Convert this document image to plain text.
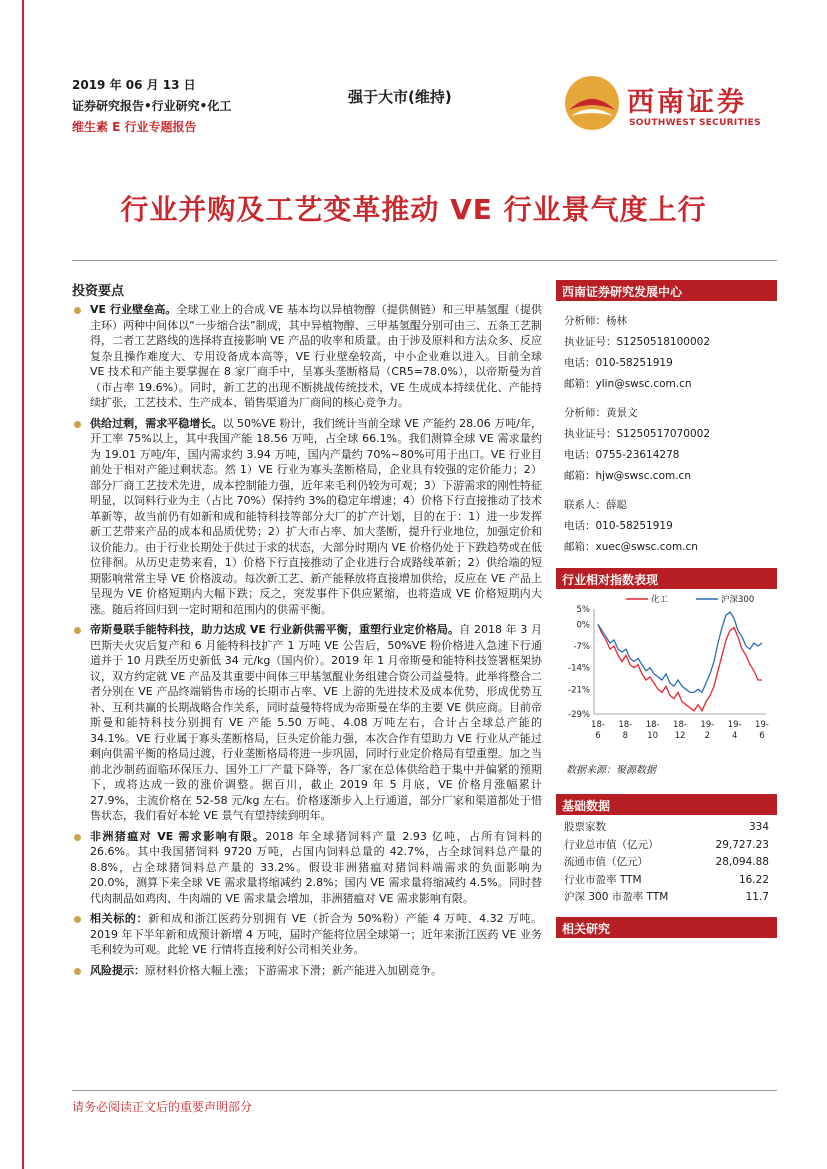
2019 年 06 月 13 日
证券研究报告•行业研究•化工
维生素 E 行业专题报告
强于大市(维持)	西南证券
SOUTHWEST SECURITIES
行业并购及工艺变革推动 VE 行业景气度上行
投资要点
VE 行业壁垒高。全球工业上的合成 VE 基本均以异植物醇（提供侧链）和三甲基氢醌（提供主环）两种中间体以“一步缩合法”制成，其中异植物醇、三甲基氢醌分别可由三、五条工艺制得，二者工艺路线的选择将直接影响 VE 产品的收率和质量。由于涉及原料和方法众多、反应复杂且操作难度大、专用设备成本高等，VE 行业壁垒较高，中小企业难以进入。目前全球 VE 技术和产能主要掌握在 8 家厂商手中，呈寡头垄断格局（CR5=78.0%），以帝斯曼为首（市占率 19.6%）。同时，新工艺的出现不断挑战传统技术，VE 生成成本持续优化、产能持续扩张，工艺技术、生产成本、销售渠道为厂商间的核心竞争力。
供给过剩，需求平稳增长。以 50%VE 粉计，我们统计当前全球 VE 产能约 28.06 万吨/年，开工率 75%以上，其中我国产能 18.56 万吨，占全球 66.1%。我们测算全球 VE 需求量约为 19.01 万吨/年，国内需求约 3.94 万吨，国内产量约 70%~80%可用于出口。VE 行业目前处于相对产能过剩状态。然 1）VE 行业为寡头垄断格局，企业具有较强的定价能力；2）部分厂商工艺技术先进，成本控制能力强，近年来毛利仍较为可观；3）下游需求的刚性特征明显，以饲料行业为主（占比 70%）保持约 3%的稳定年增速；4）价格下行直接推动了技术革新等，故当前仍有如新和成和能特科技等部分大厂的扩产计划，目的在于：1）进一步发挥新工艺带来产品的成本和品质优势；2）扩大市占率、加大垄断，提升行业地位，加强定价和议价能力。由于行业长期处于供过于求的状态，大部分时期内 VE 价格仍处于下跌趋势或在低位徘徊。从历史走势来看，1）价格下行直接推动了企业进行合成路线革新；2）供给端的短期影响常常主导 VE 价格波动。每次新工艺、新产能释放将直接增加供给，反应在 VE 产品上呈现为 VE 价格短期内大幅下跌；反之，突发事件下供应紧缩，也将造成 VE 价格短期内大涨。随后将回归到一定时期和范围内的供需平衡。
帝斯曼联手能特科技，助力达成 VE 行业新供需平衡，重塑行业定价格局。自 2018 年 3 月巴斯夫火灾后复产和 6 月能特科技扩产 1 万吨 VE 公告后，50%VE 粉价格进入急速下行通道并于 10 月跌至历史新低 34 元/kg（国内价）。2019 年 1 月帝斯曼和能特科技签署框架协议，双方约定就 VE 产品及其重要中间体三甲基氢醌业务组建合资公司益曼特。此举将整合二者分别在 VE 产品终端销售市场的长期市占率、VE 上游的先进技术及成本优势，形成优势互补、互利共赢的长期战略合作关系，同时益曼特将成为帝斯曼在华的主要 VE 供应商。目前帝斯曼和能特科技分别拥有 VE 产能 5.50 万吨、4.08 万吨左右，合计占全球总产能的 34.1%。VE 行业属于寡头垄断格局，巨头定价能力强，本次合作有望助力 VE 行业从产能过剩向供需平衡的格局过渡，行业垄断格局将进一步巩固，同时行业定价格局有望重塑。加之当前北沙制药面临环保压力、国外工厂产量下降等，各厂家在总体供给趋于集中并偏紧的预期下，或将达成一致的涨价调整。据百川，截止 2019 年 5 月底，VE 价格月涨幅累计 27.9%，主流价格在 52-58 元/kg 左右。价格逐渐步入上行通道，部分厂家和渠道都处于惜售状态，我们看好本轮 VE 景气有望持续到明年。
非洲猪瘟对 VE 需求影响有限。2018 年全球猪饲料产量 2.93 亿吨，占所有饲料的 26.6%。其中我国猪饲料 9720 万吨，占国内饲料总量的 42.7%，占全球饲料总产量的 8.8%，占全球猪饲料总产量的 33.2%。假设非洲猪瘟对猪饲料端需求的负面影响为 20.0%，测算下来全球 VE 需求量将缩减约 2.8%；国内 VE 需求量将缩减约 4.5%。同时替代肉制品如鸡肉、牛肉端的 VE 需求量会增加，非洲猪瘟对 VE 需求影响有限。
相关标的：新和成和浙江医药分别拥有 VE（折合为 50%粉）产能 4 万吨、4.32 万吨。2019 年下半年新和成预计新增 4 万吨，届时产能将位居全球第一；近年来浙江医药 VE 业务毛利较为可观。此轮 VE 行情将直接利好公司相关业务。
风险提示：原材料价格大幅上涨；下游需求下滑；新产能进入加剧竞争。
西南证券研究发展中心
分析师：杨林
执业证号：S1250518100002
电话：010-58251919
邮箱：ylin@swsc.com.cn
分析师：黄景文
执业证号：S1250517070002
电话：0755-23614278
邮箱：hjw@swsc.com.cn
联系人：薛聪
电话：010-58251919
邮箱：xuec@swsc.com.cn
行业相对指数表现
5%
0%
-7%
-14%
-21%
-29%
18-6
18-8
18-10
18-12
19-2
19-4
19-6
化工	沪深300
数据来源：聚源数据
基础数据
股票家数	334
行业总市值（亿元）	29,727.23
流通市值（亿元）	28,094.88
行业市盈率 TTM	16.22
沪深 300 市盈率 TTM	11.7
相关研究
请务必阅读正文后的重要声明部分
